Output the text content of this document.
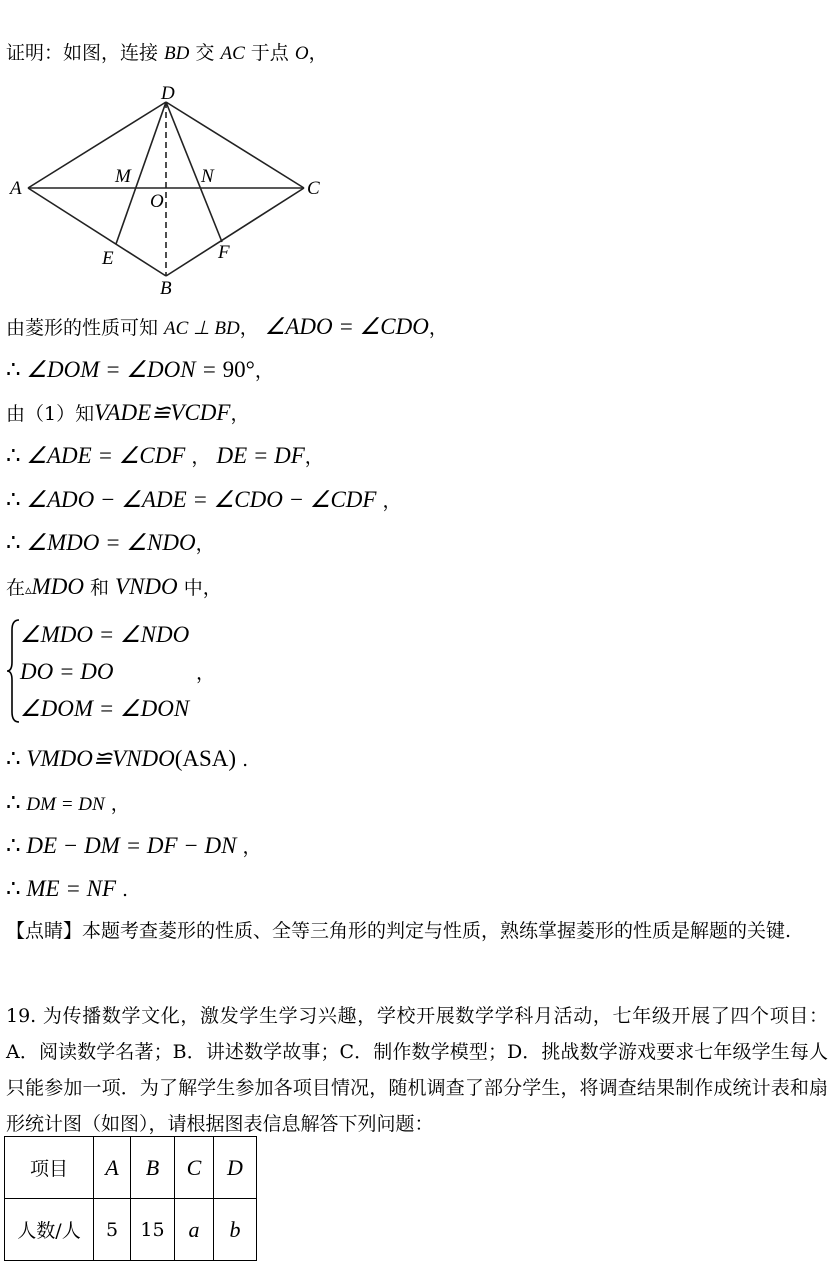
证明：如图，连接 BD 交 AC 于点 O，
D
A	C
B
M	N
O
E	F
由菱形的性质可知 AC ⊥ BD， ∠ADO = ∠CDO，
∴ ∠DOM = ∠DON = 90°，
由（1）知VADE≌VCDF，
∴ ∠ADE = ∠CDF ， DE = DF，
∴ ∠ADO − ∠ADE = ∠CDO − ∠CDF ，
∴ ∠MDO = ∠NDO，
在▵MDO 和 VNDO 中，
∠MDO = ∠NDO
DO = DO
∠DOM = ∠DON
，
∴ VMDO≌VNDO(ASA) .
∴ DM = DN ，
∴ DE − DM = DF − DN ，
∴ ME = NF .
【点睛】本题考查菱形的性质、全等三角形的判定与性质，熟练掌握菱形的性质是解题的关键.
19. 为传播数学文化，激发学生学习兴趣，学校开展数学学科月活动，七年级开展了四个项目：A．阅读数学名著；B．讲述数学故事；C．制作数学模型；D．挑战数学游戏要求七年级学生每人只能参加一项．为了解学生参加各项目情况，随机调查了部分学生，将调查结果制作成统计表和扇形统计图（如图），请根据图表信息解答下列问题：
项目	A	B	C	D
人数/人	5	15	a	b
